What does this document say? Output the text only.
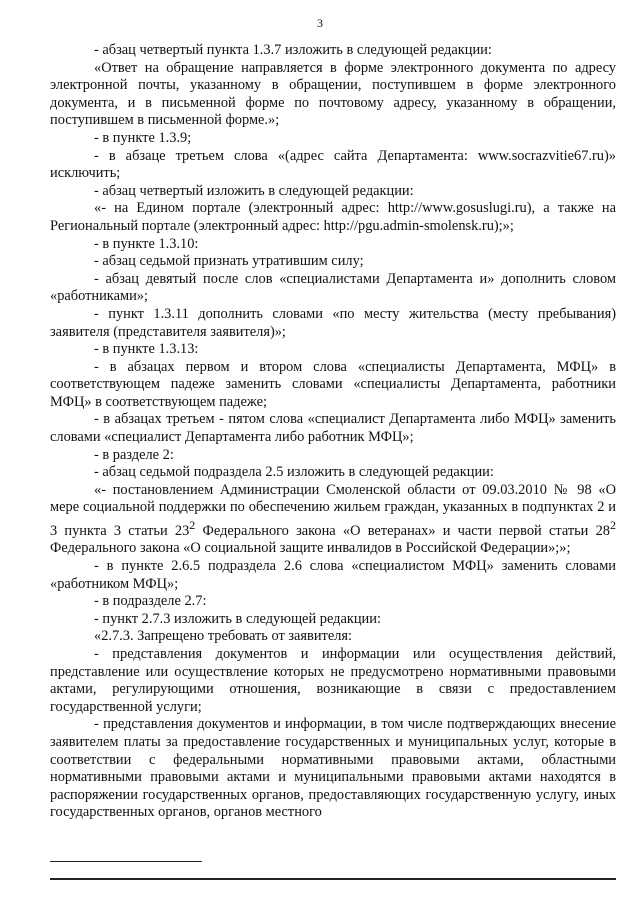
3

- абзац четвертый пункта 1.3.7 изложить в следующей редакции:

«Ответ на обращение направляется в форме электронного документа по адресу электронной почты, указанному в обращении, поступившем в форме электронного документа, и в письменной форме по почтовому адресу, указанному в обращении, поступившем в письменной форме.»;

- в пункте 1.3.9;

- в абзаце третьем слова «(адрес сайта Департамента: www.socrazvitie67.ru)» исключить;

- абзац четвертый изложить в следующей редакции:

«- на Едином портале (электронный адрес: http://www.gosuslugi.ru), а также на Региональный портале (электронный адрес: http://pgu.admin-smolensk.ru);»;

- в пункте 1.3.10:

- абзац седьмой признать утратившим силу;

- абзац девятый после слов «специалистами Департамента и» дополнить словом «работниками»;

- пункт 1.3.11 дополнить словами «по месту жительства (месту пребывания) заявителя (представителя заявителя)»;

- в пункте 1.3.13:

- в абзацах первом и втором слова «специалисты Департамента, МФЦ» в соответствующем падеже заменить словами «специалисты Департамента, работники МФЦ» в соответствующем падеже;

- в абзацах третьем - пятом слова «специалист Департамента либо МФЦ» заменить словами «специалист Департамента либо работник МФЦ»;

- в разделе 2:

- абзац седьмой подраздела 2.5 изложить в следующей редакции:

«- постановлением Администрации Смоленской области от 09.03.2010 № 98 «О мере социальной поддержки по обеспечению жильем граждан, указанных в подпунктах 2 и 3 пункта 3 статьи $23^2$ Федерального закона «О ветеранах» и части первой статьи $28^2$ Федерального закона «О социальной защите инвалидов в Российской Федерации»;»;

- в пункте 2.6.5 подраздела 2.6 слова «специалистом МФЦ» заменить словами «работником МФЦ»;

- в подразделе 2.7:

- пункт 2.7.3 изложить в следующей редакции:

«2.7.3. Запрещено требовать от заявителя:

- представления документов и информации или осуществления действий, представление или осуществление которых не предусмотрено нормативными правовыми актами, регулирующими отношения, возникающие в связи с предоставлением государственной услуги;

- представления документов и информации, в том числе подтверждающих внесение заявителем платы за предоставление государственных и муниципальных услуг, которые в соответствии с федеральными нормативными правовыми актами, областными нормативными правовыми актами и муниципальными правовыми актами находятся в распоряжении государственных органов, предоставляющих государственную услугу, иных государственных органов, органов местного
